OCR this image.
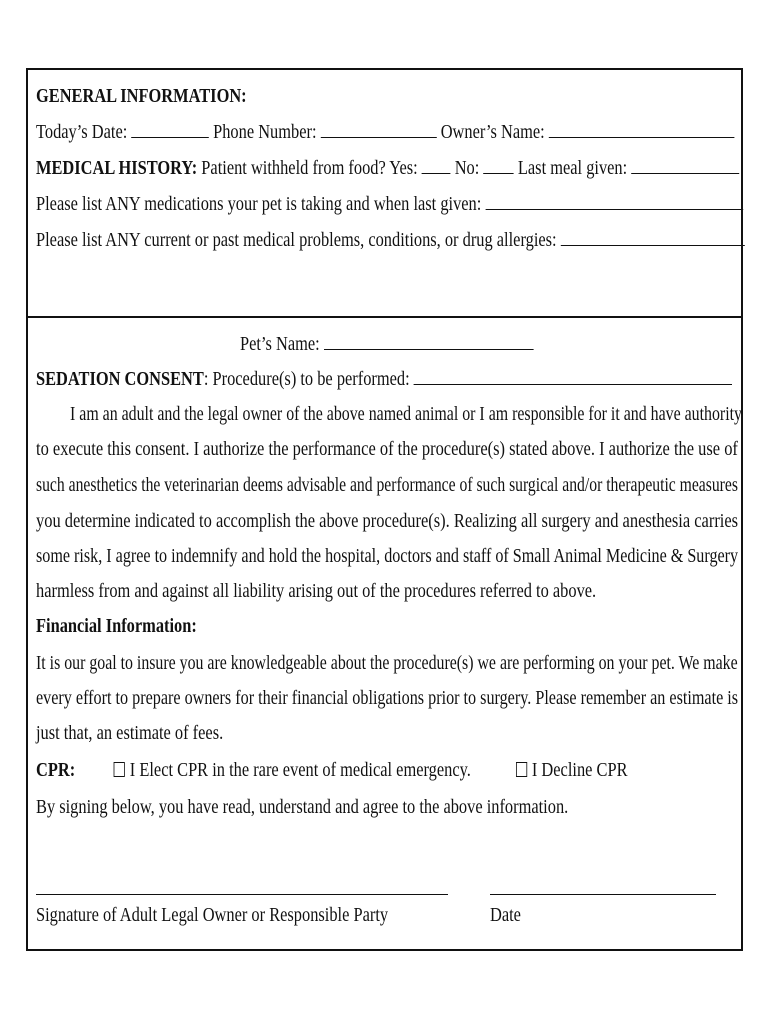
GENERAL INFORMATION:
Today’s Date:	Phone Number:	Owner’s Name:
MEDICAL HISTORY: Patient withheld from food? Yes: No: Last meal given:
Please list ANY medications your pet is taking and when last given:
Please list ANY current or past medical problems, conditions, or drug allergies:
Pet’s Name:
SEDATION CONSENT: Procedure(s) to be performed:
I am an adult and the legal owner of the above named animal or I am responsible for it and have authority
to execute this consent. I authorize the performance of the procedure(s) stated above. I authorize the use of
such anesthetics the veterinarian deems advisable and performance of such surgical and/or therapeutic measures
you determine indicated to accomplish the above procedure(s). Realizing all surgery and anesthesia carries
some risk, I agree to indemnify and hold the hospital, doctors and staff of Small Animal Medicine & Surgery
harmless from and against all liability arising out of the procedures referred to above.
Financial Information:
It is our goal to insure you are knowledgeable about the procedure(s) we are performing on your pet. We make
every effort to prepare owners for their financial obligations prior to surgery. Please remember an estimate is
just that, an estimate of fees.
CPR:	I Elect CPR in the rare event of medical emergency.	I Decline CPR
By signing below, you have read, understand and agree to the above information.
Signature of Adult Legal Owner or Responsible Party	Date
